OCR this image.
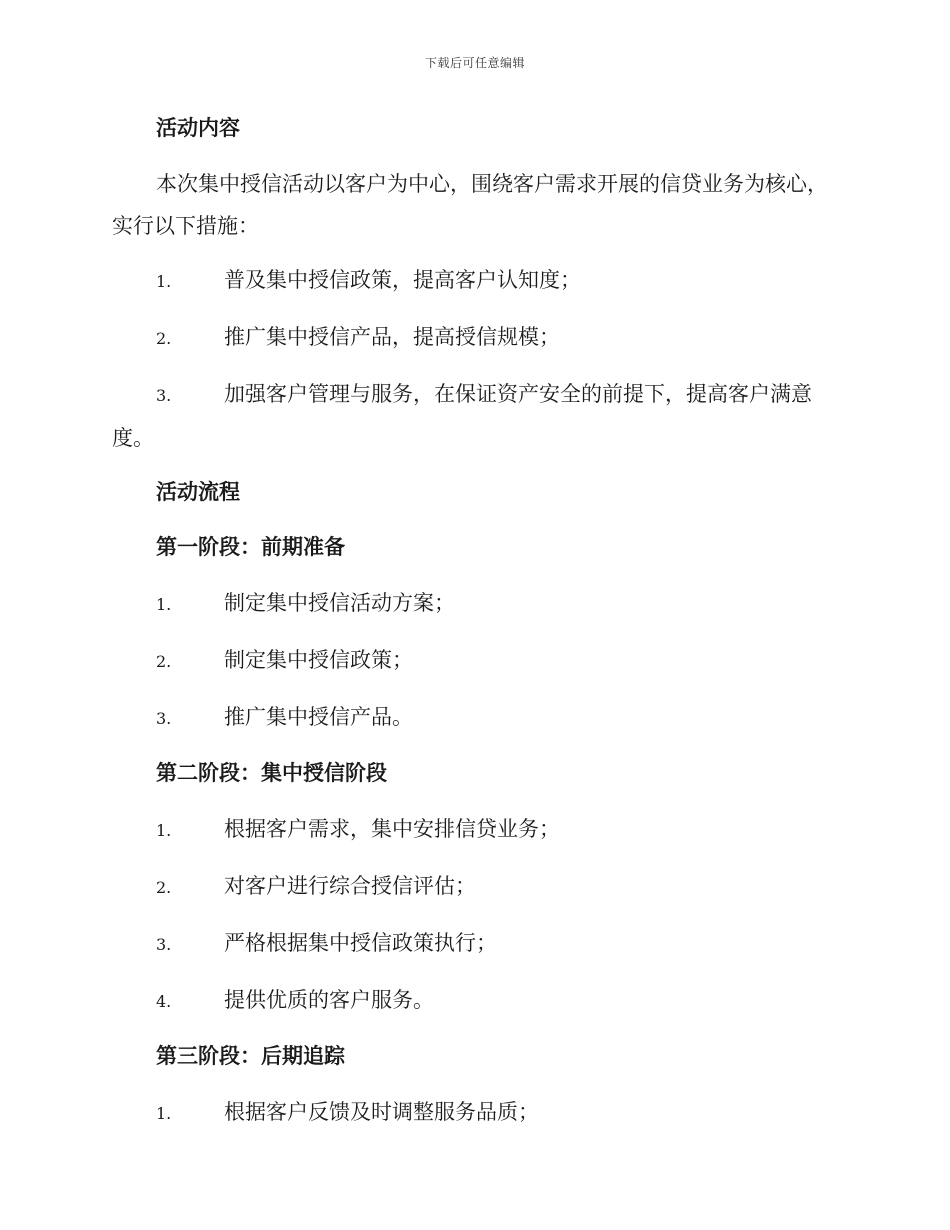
下载后可任意编辑
活动内容
本次集中授信活动以客户为中心，围绕客户需求开展的信贷业务为核心，实行以下措施：
1.	普及集中授信政策，提高客户认知度；
2.	推广集中授信产品，提高授信规模；
3.	加强客户管理与服务，在保证资产安全的前提下，提高客户满意度。
活动流程
第一阶段：前期准备
1.	制定集中授信活动方案；
2.	制定集中授信政策；
3.	推广集中授信产品。
第二阶段：集中授信阶段
1.	根据客户需求，集中安排信贷业务；
2.	对客户进行综合授信评估；
3.	严格根据集中授信政策执行；
4.	提供优质的客户服务。
第三阶段：后期追踪
1.	根据客户反馈及时调整服务品质；
